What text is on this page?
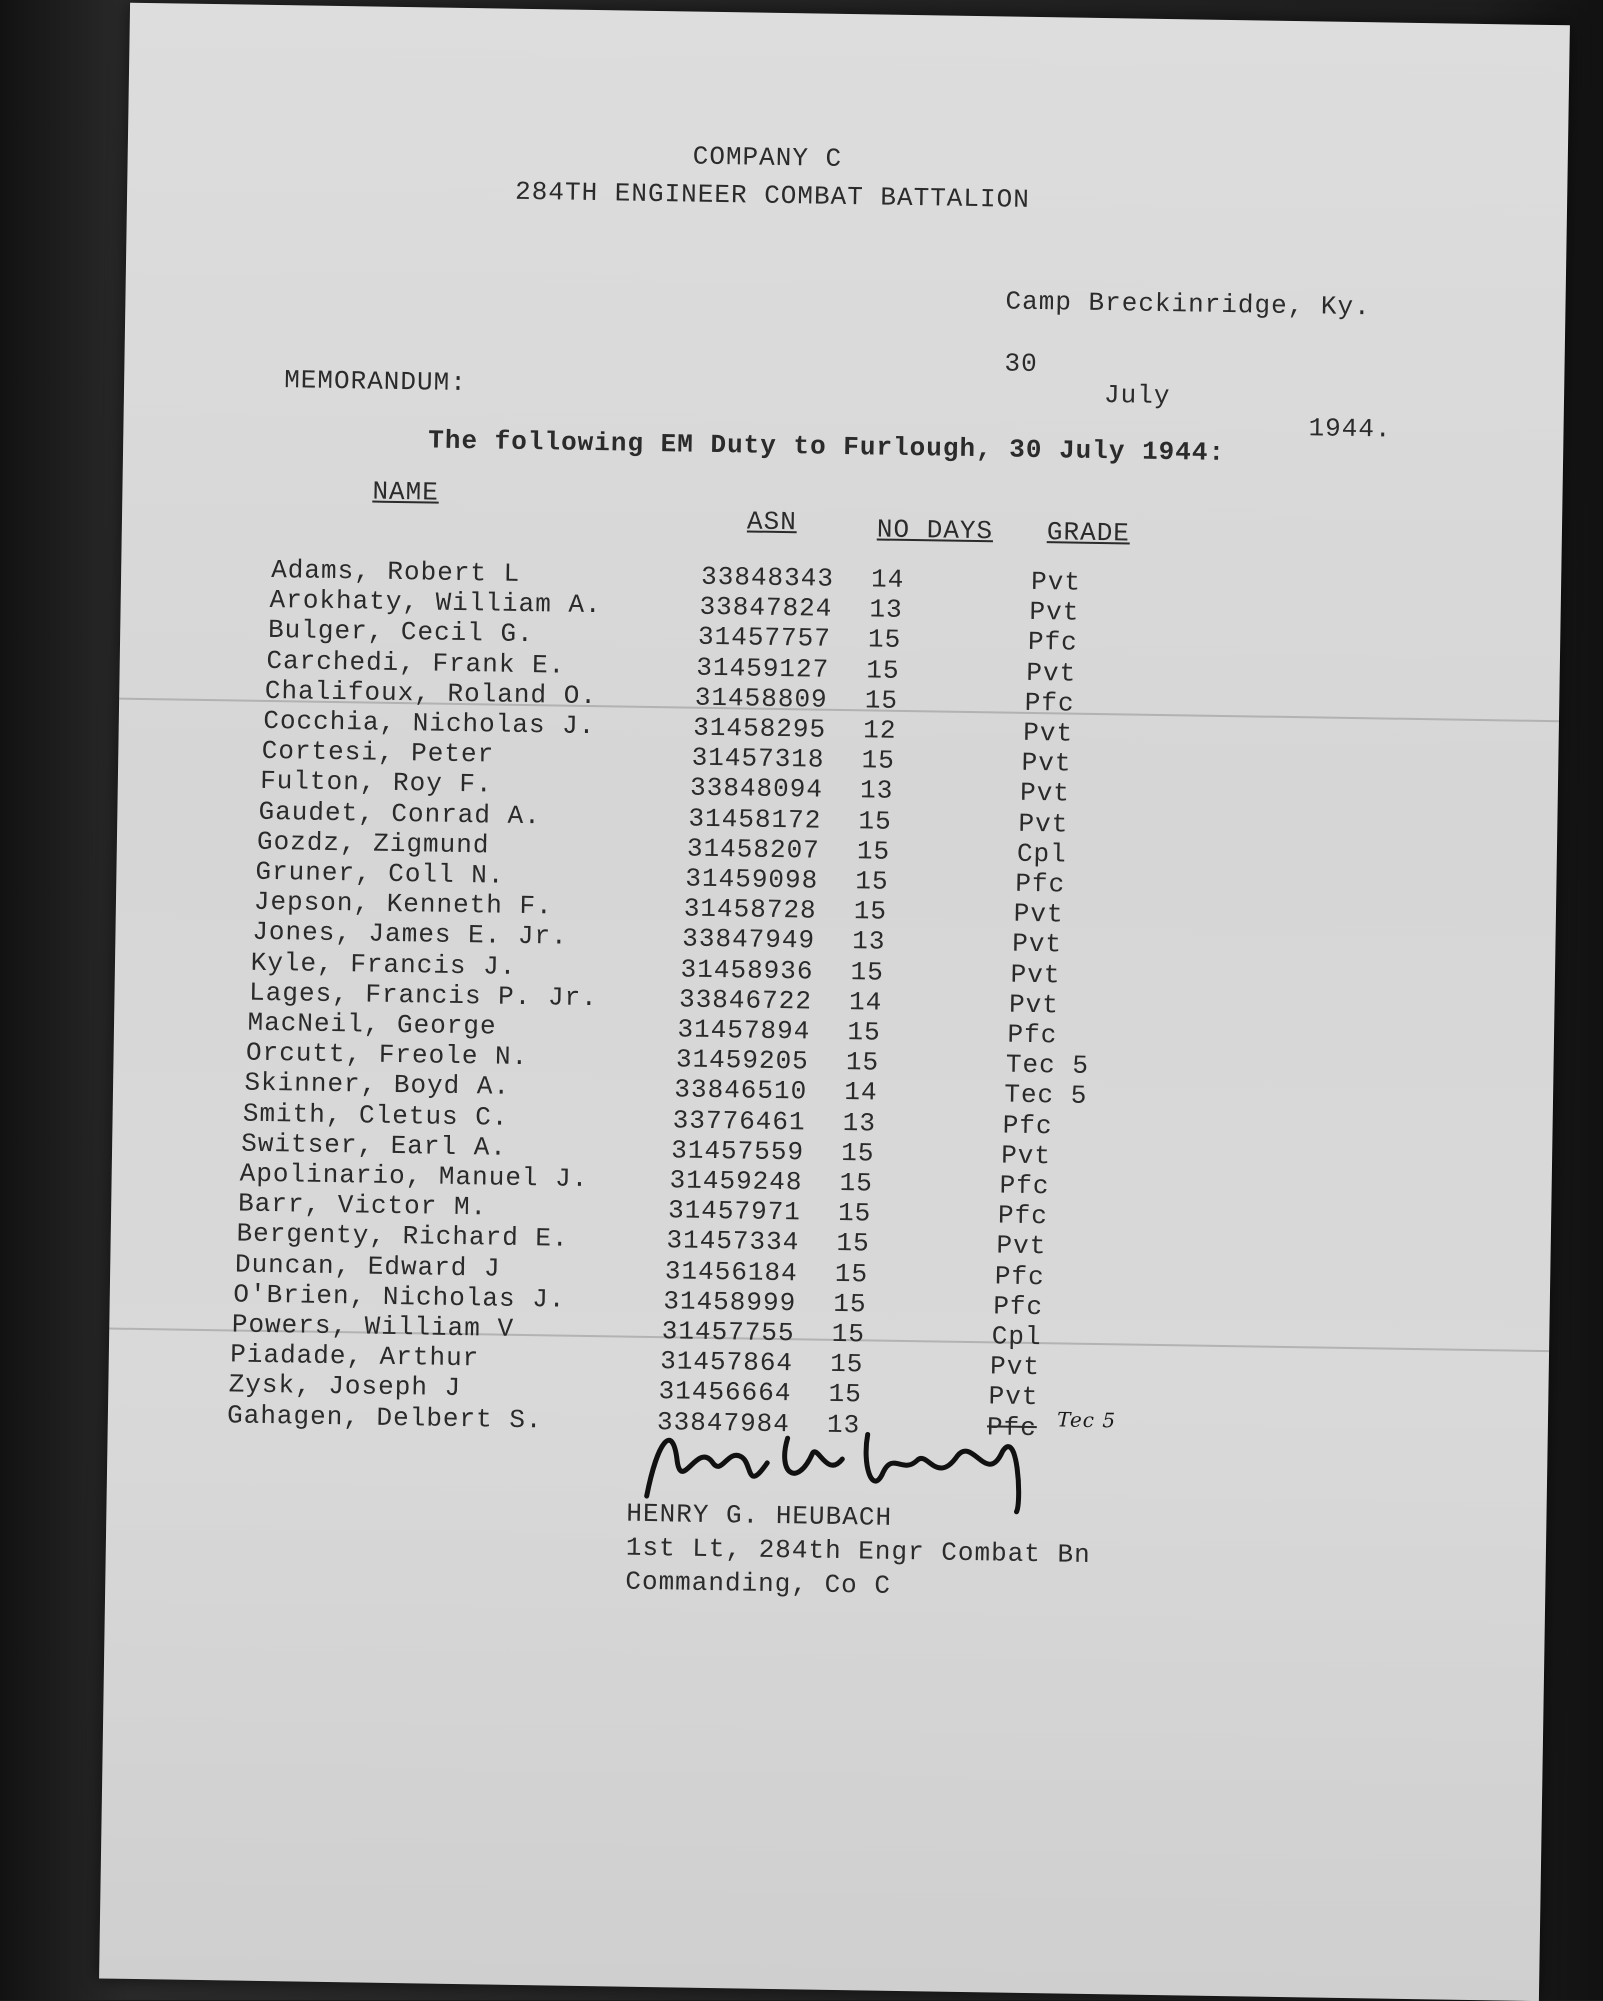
COMPANY C
284TH ENGINEER COMBAT BATTALION
Camp Breckinridge, Ky.

30

July

1944.

MEMORANDUM:
The following EM Duty to Furlough, 30 July 1944:
NAME
ASN	NO DAYS GRADE
Adams, Robert L	33848343 14	Pvt
Arokhaty, William A.	33847824 13	Pvt
Bulger, Cecil G.	31457757 15	Pfc
Carchedi, Frank E.	31459127 15	Pvt
Chalifoux, Roland O.	31458809 15	Pfc
Cocchia, Nicholas J.	31458295 12	Pvt
Cortesi, Peter	31457318 15	Pvt
Fulton, Roy F.	33848094 13	Pvt
Gaudet, Conrad A.	31458172 15	Pvt
Gozdz, Zigmund	31458207 15	Cpl
Gruner, Coll N.	31459098 15	Pfc
Jepson, Kenneth F.	31458728 15	Pvt
Jones, James E. Jr.	33847949 13	Pvt
Kyle, Francis J.	31458936 15	Pvt
Lages, Francis P. Jr.	33846722 14	Pvt
MacNeil, George	31457894 15	Pfc
Orcutt, Freole N.	31459205 15	Tec 5
Skinner, Boyd A.	33846510 14	Tec 5
Smith, Cletus C.	33776461 13	Pfc
Switser, Earl A.	31457559 15	Pvt
Apolinario, Manuel J.	31459248 15	Pfc
Barr, Victor M.	31457971 15	Pfc
Bergenty, Richard E.	31457334 15	Pvt
Duncan, Edward J	31456184 15	Pfc
O'Brien, Nicholas J.	31458999 15	Pfc
Powers, William V	31457755 15	Cpl
Piadade, Arthur	31457864 15	Pvt
Zysk, Joseph J	31456664 15	Pvt
Gahagen, Delbert S.	33847984 13	Pfc Tec 5
HENRY G. HEUBACH
1st Lt, 284th Engr Combat Bn
Commanding, Co C
